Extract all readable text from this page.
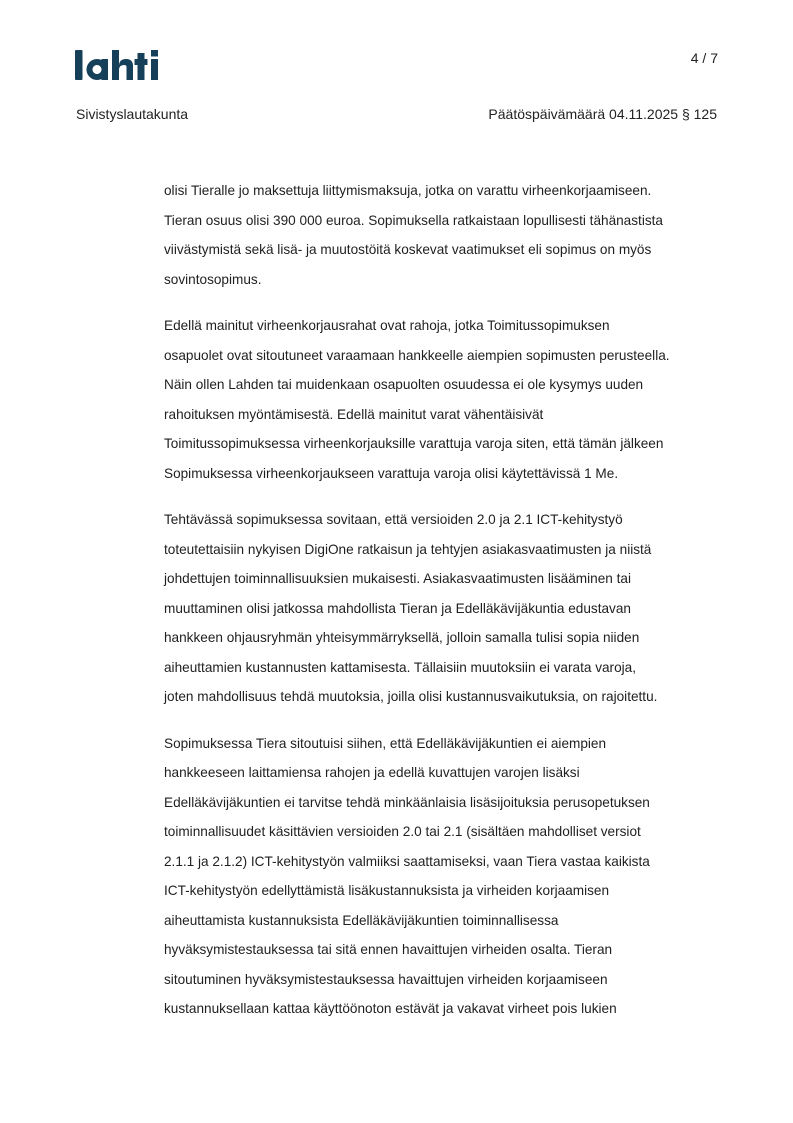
4 / 7
Sivistyslautakunta	Päätöspäivämäärä 04.11.2025 § 125
olisi Tieralle jo maksettuja liittymismaksuja, jotka on varattu virheenkorjaamiseen.
Tieran osuus olisi 390 000 euroa. Sopimuksella ratkaistaan lopullisesti tähänastista
viivästymistä sekä lisä- ja muutostöitä koskevat vaatimukset eli sopimus on myös
sovintosopimus.
Edellä mainitut virheenkorjausrahat ovat rahoja, jotka Toimitussopimuksen
osapuolet ovat sitoutuneet varaamaan hankkeelle aiempien sopimusten perusteella.
Näin ollen Lahden tai muidenkaan osapuolten osuudessa ei ole kysymys uuden
rahoituksen myöntämisestä. Edellä mainitut varat vähentäisivät
Toimitussopimuksessa virheenkorjauksille varattuja varoja siten, että tämän jälkeen
Sopimuksessa virheenkorjaukseen varattuja varoja olisi käytettävissä 1 Me.
Tehtävässä sopimuksessa sovitaan, että versioiden 2.0 ja 2.1 ICT-kehitystyö
toteutettaisiin nykyisen DigiOne ratkaisun ja tehtyjen asiakasvaatimusten ja niistä
johdettujen toiminnallisuuksien mukaisesti. Asiakasvaatimusten lisääminen tai
muuttaminen olisi jatkossa mahdollista Tieran ja Edelläkävijäkuntia edustavan
hankkeen ohjausryhmän yhteisymmärryksellä, jolloin samalla tulisi sopia niiden
aiheuttamien kustannusten kattamisesta. Tällaisiin muutoksiin ei varata varoja,
joten mahdollisuus tehdä muutoksia, joilla olisi kustannusvaikutuksia, on rajoitettu.
Sopimuksessa Tiera sitoutuisi siihen, että Edelläkävijäkuntien ei aiempien
hankkeeseen laittamiensa rahojen ja edellä kuvattujen varojen lisäksi
Edelläkävijäkuntien ei tarvitse tehdä minkäänlaisia lisäsijoituksia perusopetuksen
toiminnallisuudet käsittävien versioiden 2.0 tai 2.1 (sisältäen mahdolliset versiot
2.1.1 ja 2.1.2) ICT-kehitystyön valmiiksi saattamiseksi, vaan Tiera vastaa kaikista
ICT-kehitystyön edellyttämistä lisäkustannuksista ja virheiden korjaamisen
aiheuttamista kustannuksista Edelläkävijäkuntien toiminnallisessa
hyväksymistestauksessa tai sitä ennen havaittujen virheiden osalta. Tieran
sitoutuminen hyväksymistestauksessa havaittujen virheiden korjaamiseen
kustannuksellaan kattaa käyttöönoton estävät ja vakavat virheet pois lukien
